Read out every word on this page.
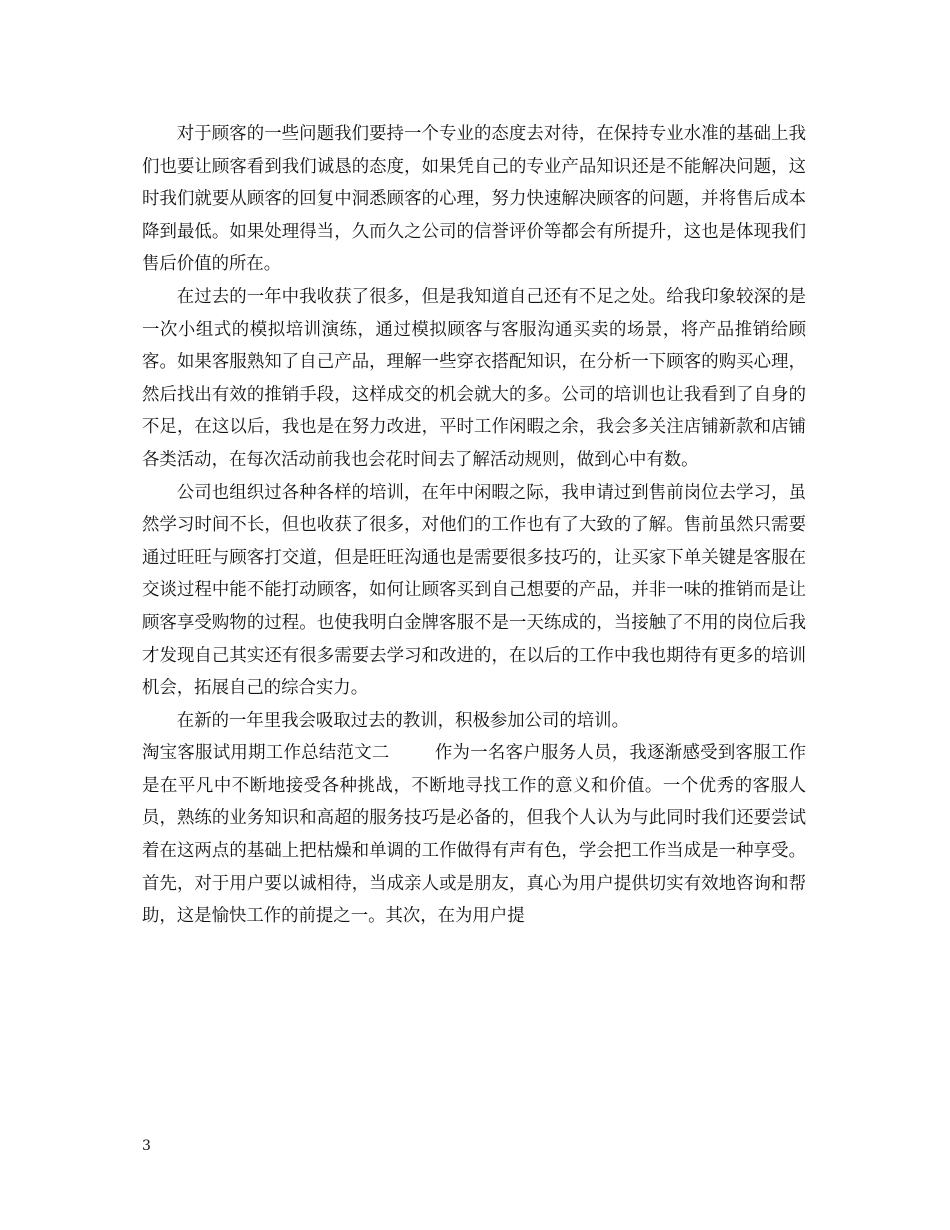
对于顾客的一些问题我们要持一个专业的态度去对待，在保持专业水准的基础上我们也要让顾客看到我们诚恳的态度，如果凭自己的专业产品知识还是不能解决问题，这时我们就要从顾客的回复中洞悉顾客的心理，努力快速解决顾客的问题，并将售后成本降到最低。如果处理得当，久而久之公司的信誉评价等都会有所提升，这也是体现我们售后价值的所在。

在过去的一年中我收获了很多，但是我知道自己还有不足之处。给我印象较深的是一次小组式的模拟培训演练，通过模拟顾客与客服沟通买卖的场景，将产品推销给顾客。如果客服熟知了自己产品，理解一些穿衣搭配知识，在分析一下顾客的购买心理，然后找出有效的推销手段，这样成交的机会就大的多。公司的培训也让我看到了自身的不足，在这以后，我也是在努力改进，平时工作闲暇之余，我会多关注店铺新款和店铺各类活动，在每次活动前我也会花时间去了解活动规则，做到心中有数。

公司也组织过各种各样的培训，在年中闲暇之际，我申请过到售前岗位去学习，虽然学习时间不长，但也收获了很多，对他们的工作也有了大致的了解。售前虽然只需要通过旺旺与顾客打交道，但是旺旺沟通也是需要很多技巧的，让买家下单关键是客服在交谈过程中能不能打动顾客，如何让顾客买到自己想要的产品，并非一味的推销而是让顾客享受购物的过程。也使我明白金牌客服不是一天练成的，当接触了不用的岗位后我才发现自己其实还有很多需要去学习和改进的，在以后的工作中我也期待有更多的培训机会，拓展自己的综合实力。

在新的一年里我会吸取过去的教训，积极参加公司的培训。

淘宝客服试用期工作总结范文二	作为一名客户服务人员，我逐渐感受到客服工作是在平凡中不断地接受各种挑战，不断地寻找工作的意义和价值。一个优秀的客服人员，熟练的业务知识和高超的服务技巧是必备的，但我个人认为与此同时我们还要尝试着在这两点的基础上把枯燥和单调的工作做得有声有色，学会把工作当成是一种享受。首先，对于用户要以诚相待，当成亲人或是朋友，真心为用户提供切实有效地咨询和帮助，这是愉快工作的前提之一。其次，在为用户提

3
